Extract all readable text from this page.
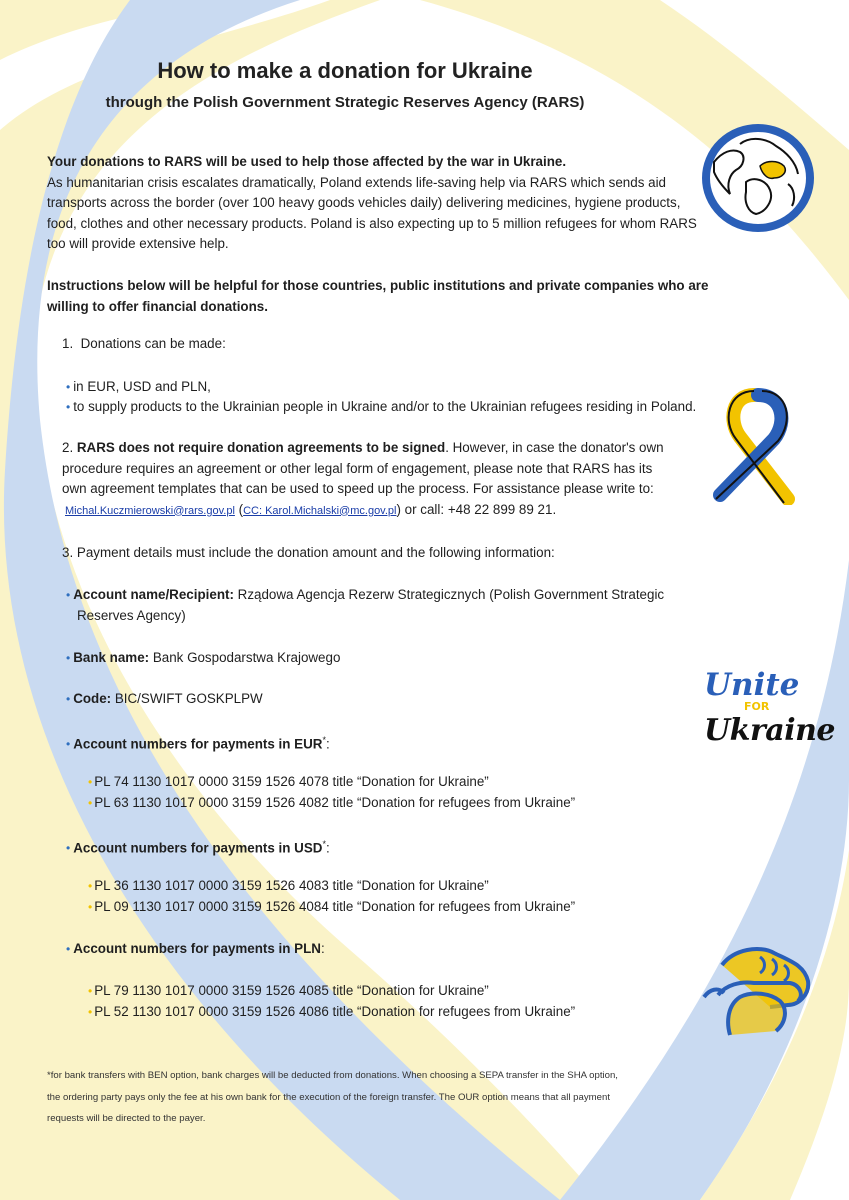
How to make a donation for Ukraine
through the Polish Government Strategic Reserves Agency (RARS)
Your donations to RARS will be used to help those affected by the war in Ukraine.
As humanitarian crisis escalates dramatically, Poland extends life-saving help via RARS which sends aid
transports across the border (over 100 heavy goods vehicles daily) delivering medicines, hygiene products,
food, clothes and other necessary products. Poland is also expecting up to 5 million refugees for whom RARS
too will provide extensive help.
Instructions below will be helpful for those countries, public institutions and private companies who are
willing to offer financial donations.
1. Donations can be made:
• in EUR, USD and PLN,
• to supply products to the Ukrainian people in Ukraine and/or to the Ukrainian refugees residing in Poland.
2. RARS does not require donation agreements to be signed. However, in case the donator's own
procedure requires an agreement or other legal form of engagement, please note that RARS has its
own agreement templates that can be used to speed up the process. For assistance please write to:
Michal.Kuczmierowski@rars.gov.pl (CC: Karol.Michalski@mc.gov.pl) or call: +48 22 899 89 21.
3. Payment details must include the donation amount and the following information:
• Account name/Recipient: Rządowa Agencja Rezerw Strategicznych (Polish Government Strategic
Reserves Agency)
• Bank name: Bank Gospodarstwa Krajowego
• Code: BIC/SWIFT GOSKPLPW
• Account numbers for payments in EUR*:
• PL 74 1130 1017 0000 3159 1526 4078 title “Donation for Ukraine”
• PL 63 1130 1017 0000 3159 1526 4082 title “Donation for refugees from Ukraine”
• Account numbers for payments in USD*:
• PL 36 1130 1017 0000 3159 1526 4083 title “Donation for Ukraine”
• PL 09 1130 1017 0000 3159 1526 4084 title “Donation for refugees from Ukraine”
• Account numbers for payments in PLN:
• PL 79 1130 1017 0000 3159 1526 4085 title “Donation for Ukraine”
• PL 52 1130 1017 0000 3159 1526 4086 title “Donation for refugees from Ukraine”
*for bank transfers with BEN option, bank charges will be deducted from donations. When choosing a SEPA transfer in the SHA option,
the ordering party pays only the fee at his own bank for the execution of the foreign transfer. The OUR option means that all payment
requests will be directed to the payer.
Unite
FOR
Ukraine
